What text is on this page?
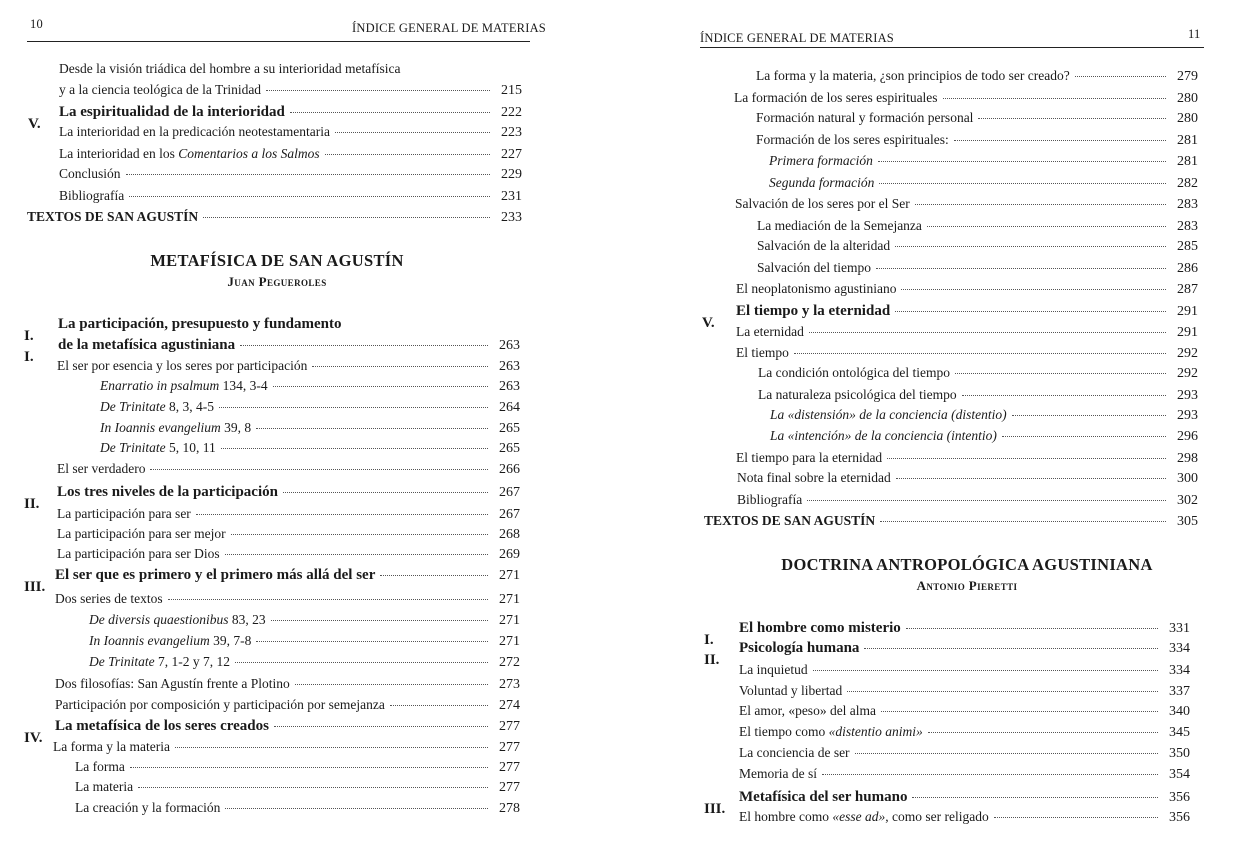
10	ÍNDICE GENERAL DE MATERIAS
Desde la visión triádica del hombre a su interioridad metafísica
y a la ciencia teológica de la Trinidad	215
V.
La espiritualidad de la interioridad	222
La interioridad en la predicación neotestamentaria	223
La interioridad en los Comentarios a los Salmos	227
Conclusión	229
Bibliografía	231
TEXTOS DE SAN AGUSTÍN	233
METAFÍSICA DE SAN AGUSTÍN
Juan Pegueroles
I.
La participación, presupuesto y fundamento
I.
de la metafísica agustiniana	263
El ser por esencia y los seres por participación	263
Enarratio in psalmum 134, 3-4	263
De Trinitate 8, 3, 4-5	264
In Ioannis evangelium 39, 8	265
De Trinitate 5, 10, 11	265
El ser verdadero	266
II.
Los tres niveles de la participación	267
La participación para ser	267
La participación para ser mejor	268
La participación para ser Dios	269
III.
El ser que es primero y el primero más allá del ser	271
Dos series de textos	271
De diversis quaestionibus 83, 23	271
In Ioannis evangelium 39, 7-8	271
De Trinitate 7, 1-2 y 7, 12	272
Dos filosofías: San Agustín frente a Plotino	273
Participación por composición y participación por semejanza	274
IV.
La metafísica de los seres creados	277
La forma y la materia	277
La forma	277
La materia	277
La creación y la formación	278
ÍNDICE GENERAL DE MATERIAS	11
La forma y la materia, ¿son principios de todo ser creado?	279
La formación de los seres espirituales	280
Formación natural y formación personal	280
Formación de los seres espirituales:	281
Primera formación	281
Segunda formación	282
Salvación de los seres por el Ser	283
La mediación de la Semejanza	283
Salvación de la alteridad	285
Salvación del tiempo	286
El neoplatonismo agustiniano	287
V.
El tiempo y la eternidad	291
La eternidad	291
El tiempo	292
La condición ontológica del tiempo	292
La naturaleza psicológica del tiempo	293
La «distensión» de la conciencia (distentio)	293
La «intención» de la conciencia (intentio)	296
El tiempo para la eternidad	298
Nota final sobre la eternidad	300
Bibliografía	302
TEXTOS DE SAN AGUSTÍN	305
DOCTRINA ANTROPOLÓGICA AGUSTINIANA
Antonio Pieretti
I.
El hombre como misterio	331
II.
Psicología humana	334
La inquietud	334
Voluntad y libertad	337
El amor, «peso» del alma	340
El tiempo como «distentio animi»	345
La conciencia de ser	350
Memoria de sí	354
III.
Metafísica del ser humano	356
El hombre como «esse ad», como ser religado	356
